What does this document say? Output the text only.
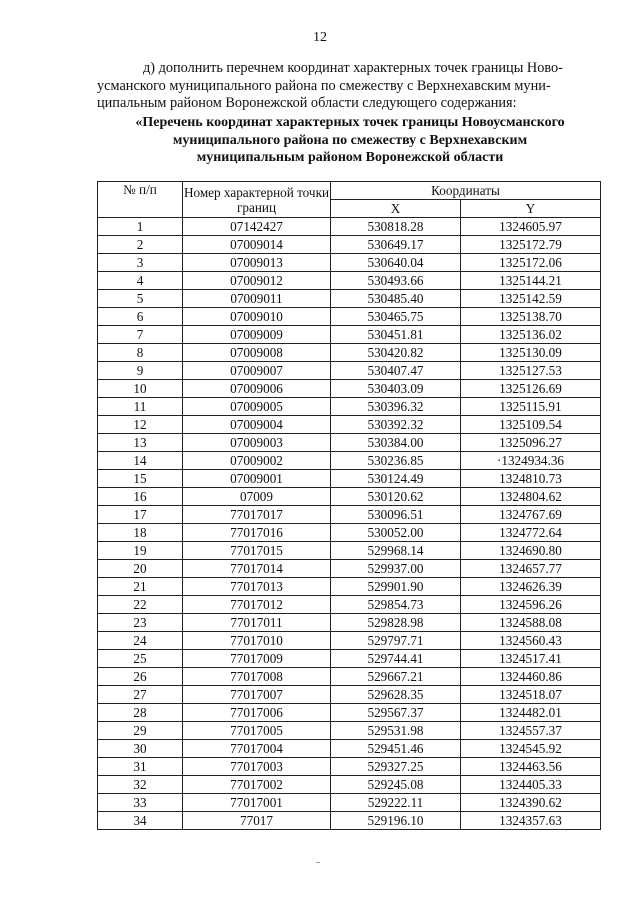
12
д) дополнить перечнем координат характерных точек границы Ново-
усманского муниципального района по смежеству с Верхнехавским муни-
ципальным районом Воронежской области следующего содержания:
«Перечень координат характерных точек границы Новоусманского
муниципального района по смежеству с Верхнехавским
муниципальным районом Воронежской области
№ п/п	Номер характерной точки границ	Координаты	
		X	Y
1	07142427	530818.28	1324605.97
2	07009014	530649.17	1325172.79
3	07009013	530640.04	1325172.06
4	07009012	530493.66	1325144.21
5	07009011	530485.40	1325142.59
6	07009010	530465.75	1325138.70
7	07009009	530451.81	1325136.02
8	07009008	530420.82	1325130.09
9	07009007	530407.47	1325127.53
10	07009006	530403.09	1325126.69
11	07009005	530396.32	1325115.91
12	07009004	530392.32	1325109.54
13	07009003	530384.00	1325096.27
14	07009002	530236.85	·1324934.36
15	07009001	530124.49	1324810.73
16	07009	530120.62	1324804.62
17	77017017	530096.51	1324767.69
18	77017016	530052.00	1324772.64
19	77017015	529968.14	1324690.80
20	77017014	529937.00	1324657.77
21	77017013	529901.90	1324626.39
22	77017012	529854.73	1324596.26
23	77017011	529828.98	1324588.08
24	77017010	529797.71	1324560.43
25	77017009	529744.41	1324517.41
26	77017008	529667.21	1324460.86
27	77017007	529628.35	1324518.07
28	77017006	529567.37	1324482.01
29	77017005	529531.98	1324557.37
30	77017004	529451.46	1324545.92
31	77017003	529327.25	1324463.56
32	77017002	529245.08	1324405.33
33	77017001	529222.11	1324390.62
34	77017	529196.10	1324357.63
